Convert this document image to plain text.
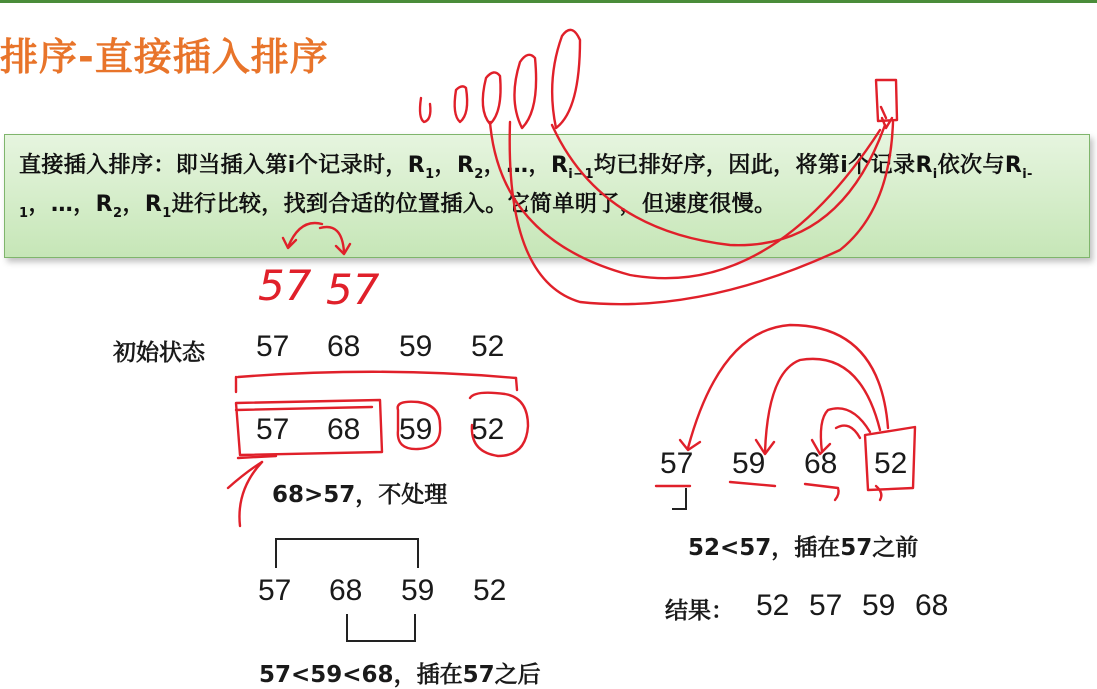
排序-直接插入排序
直接插入排序：即当插入第i个记录时，$R_1$，$R_2$，…，$R_{i-1}$均已排好序，因此，将第i个记录$R_i$依次与$R_{i-1}$，…，$R_2$，$R_1$进行比较，找到合适的位置插入。它简单明了，但速度很慢。
初始状态 57 68 59 52
57 68 59 52
68>57，不处理
57 68 59 52
57<59<68，插在57之后
57 59 68 52
52<57，插在57之前
结果： 52 57 59 68
57 57
